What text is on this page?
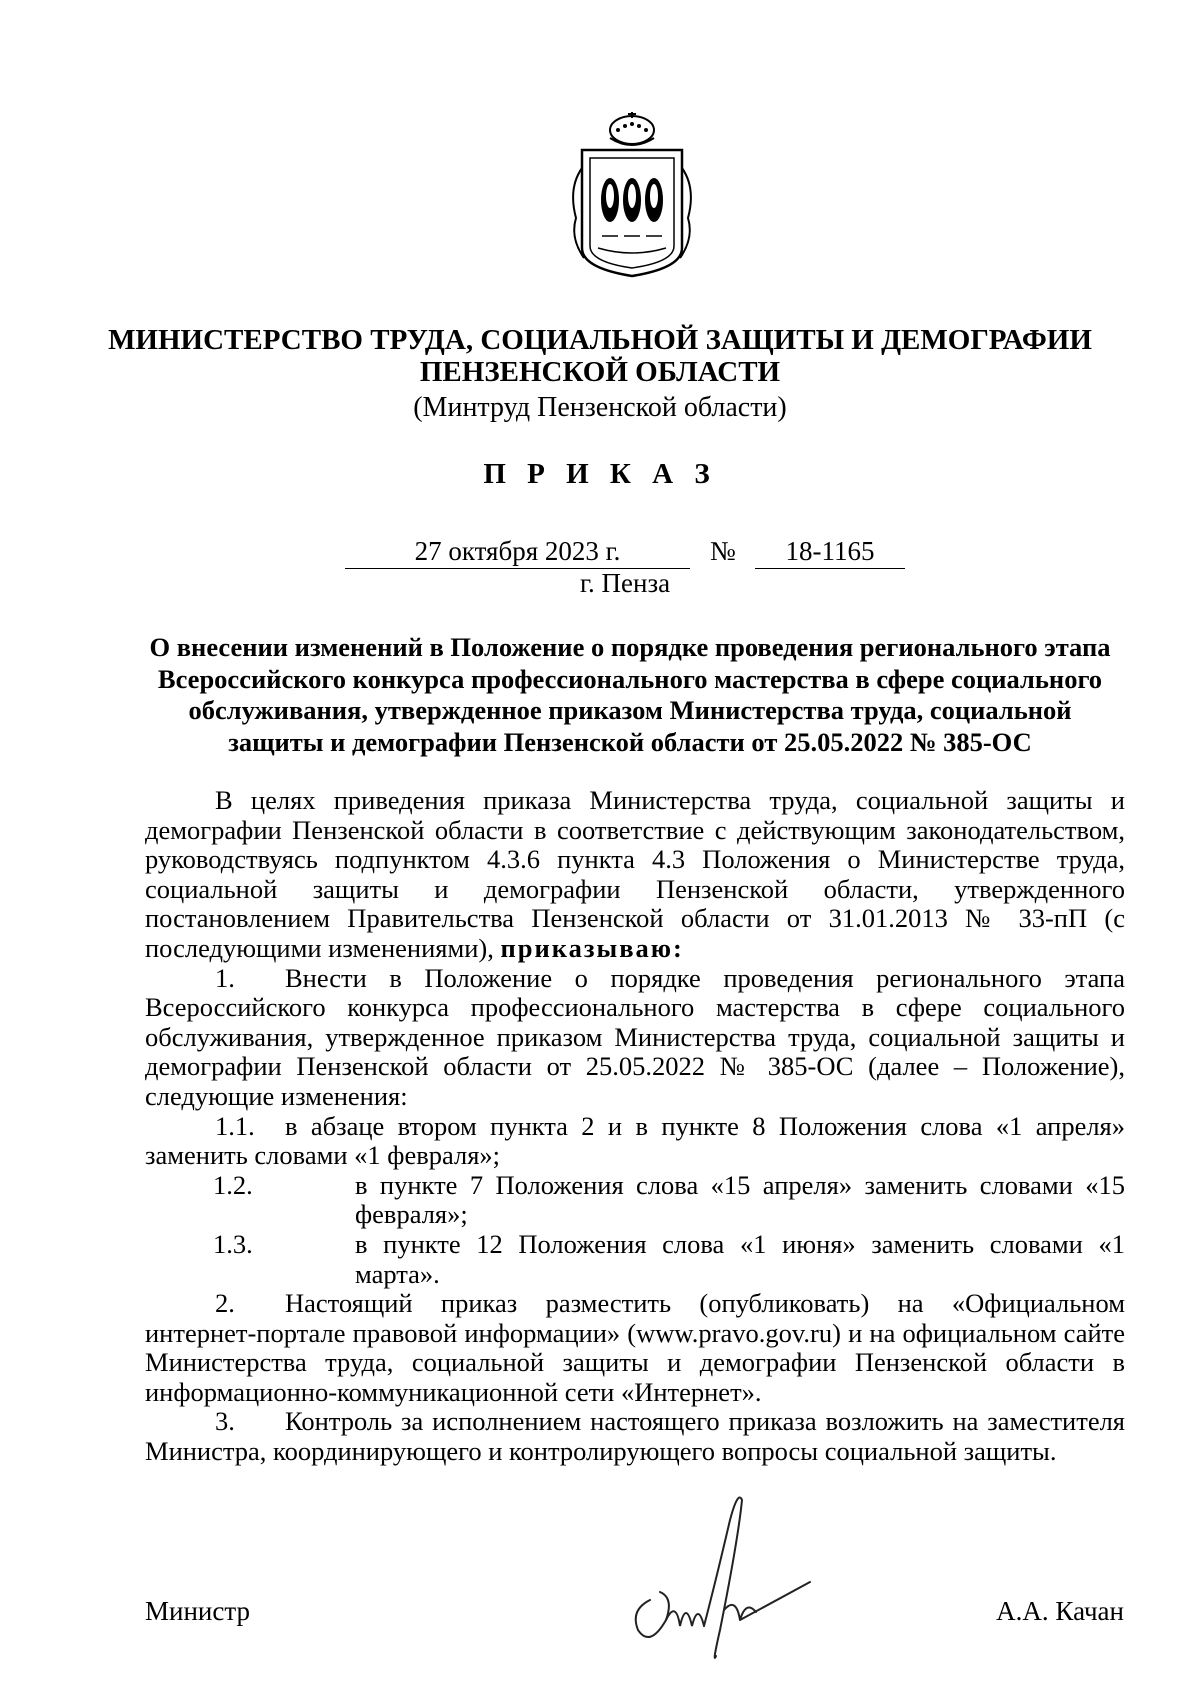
МИНИСТЕРСТВО ТРУДА, СОЦИАЛЬНОЙ ЗАЩИТЫ И ДЕМОГРАФИИ
ПЕНЗЕНСКОЙ ОБЛАСТИ
(Минтруд Пензенской области)
П Р И К А З
27 октября 2023 г.	№	18-1165
г. Пенза
О внесении изменений в Положение о порядке проведения регионального этапа
Всероссийского конкурса профессионального мастерства в сфере социального
обслуживания, утвержденное приказом Министерства труда, социальной
защиты и демографии Пензенской области от 25.05.2022 № 385-ОС

В целях приведения приказа Министерства труда, социальной защиты и демографии Пензенской области в соответствие с действующим законодательством, руководствуясь подпунктом 4.3.6 пункта 4.3 Положения о Министерстве труда, социальной защиты и демографии Пензенской области, утвержденного постановлением Правительства Пензенской области от 31.01.2013 № 33-пП (с последующими изменениями), приказываю:

1. Внести в Положение о порядке проведения регионального этапа Всероссийского конкурса профессионального мастерства в сфере социального обслуживания, утвержденное приказом Министерства труда, социальной защиты и демографии Пензенской области от 25.05.2022 № 385-ОС (далее – Положение), следующие изменения:

1.1. в абзаце втором пункта 2 и в пункте 8 Положения слова «1 апреля» заменить словами «1 февраля»;

1.2.	в пункте 7 Положения слова «15 апреля» заменить словами «15 февраля»;
1.3.	в пункте 12 Положения слова «1 июня» заменить словами «1 марта».

2. Настоящий приказ разместить (опубликовать) на «Официальном интернет-портале правовой информации» (www.pravo.gov.ru) и на официальном сайте Министерства труда, социальной защиты и демографии Пензенской области в информационно-коммуникационной сети «Интернет».

3. Контроль за исполнением настоящего приказа возложить на заместителя Министра, координирующего и контролирующего вопросы социальной защиты.

Министр	А.А. Качан
